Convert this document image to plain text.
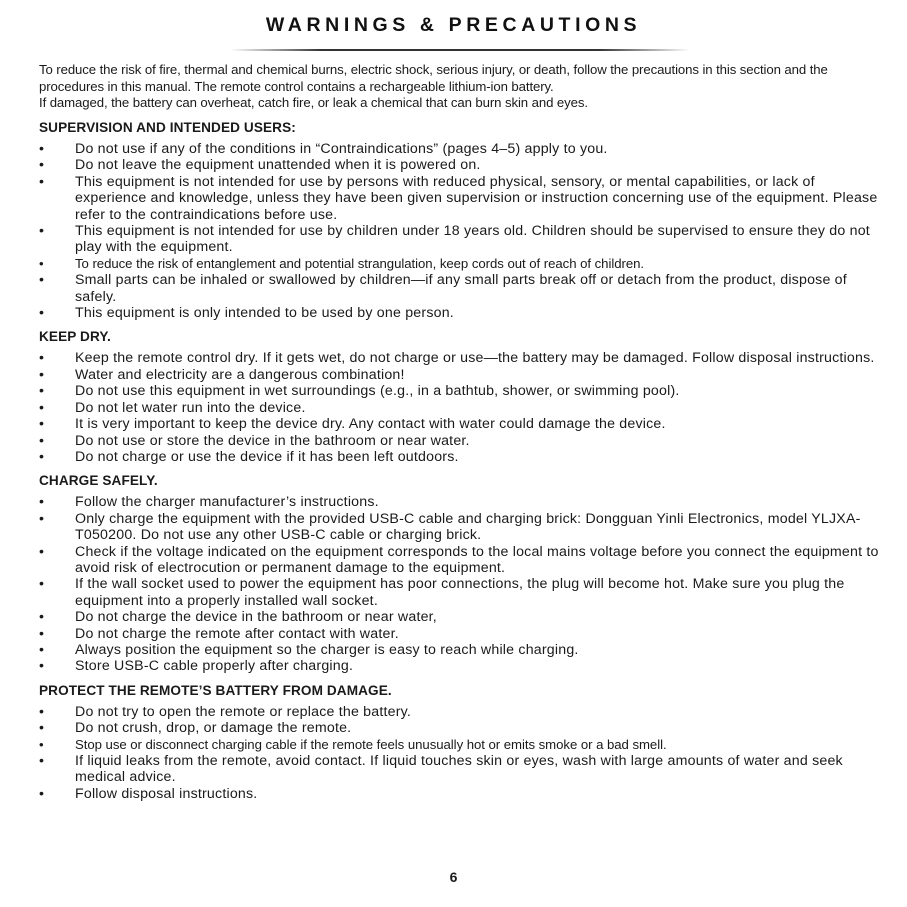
WARNINGS & PRECAUTIONS

To reduce the risk of fire, thermal and chemical burns, electric shock, serious injury, or death, follow the precautions in this section and the procedures in this manual. The remote control contains a rechargeable lithium-ion battery.

If damaged, the battery can overheat, catch fire, or leak a chemical that can burn skin and eyes.

SUPERVISION AND INTENDED USERS:
•	Do not use if any of the conditions in “Contraindications” (pages 4–5) apply to you.
•	Do not leave the equipment unattended when it is powered on.
•	This equipment is not intended for use by persons with reduced physical, sensory, or mental capabilities, or lack of experience and knowledge, unless they have been given supervision or instruction concerning use of the equipment. Please refer to the contraindications before use.
•	This equipment is not intended for use by children under 18 years old. Children should be supervised to ensure they do not play with the equipment.
•	To reduce the risk of entanglement and potential strangulation, keep cords out of reach of children.
•	Small parts can be inhaled or swallowed by children—if any small parts break off or detach from the product, dispose of safely.
•	This equipment is only intended to be used by one person.
KEEP DRY.
•	Keep the remote control dry. If it gets wet, do not charge or use—the battery may be damaged. Follow disposal instructions.
•	Water and electricity are a dangerous combination!
•	Do not use this equipment in wet surroundings (e.g., in a bathtub, shower, or swimming pool).
•	Do not let water run into the device.
•	It is very important to keep the device dry. Any contact with water could damage the device.
•	Do not use or store the device in the bathroom or near water.
•	Do not charge or use the device if it has been left outdoors.
CHARGE SAFELY.
•	Follow the charger manufacturer’s instructions.
•	Only charge the equipment with the provided USB-C cable and charging brick: Dongguan Yinli Electronics, model YLJXA-T050200. Do not use any other USB-C cable or charging brick.
•	Check if the voltage indicated on the equipment corresponds to the local mains voltage before you connect the equipment to avoid risk of electrocution or permanent damage to the equipment.
•	If the wall socket used to power the equipment has poor connections, the plug will become hot. Make sure you plug the equipment into a properly installed wall socket.
•	Do not charge the device in the bathroom or near water,
•	Do not charge the remote after contact with water.
•	Always position the equipment so the charger is easy to reach while charging.
•	Store USB-C cable properly after charging.
PROTECT THE REMOTE’S BATTERY FROM DAMAGE.
•	Do not try to open the remote or replace the battery.
•	Do not crush, drop, or damage the remote.
•	Stop use or disconnect charging cable if the remote feels unusually hot or emits smoke or a bad smell.
•	If liquid leaks from the remote, avoid contact. If liquid touches skin or eyes, wash with large amounts of water and seek medical advice.
•	Follow disposal instructions.
6
